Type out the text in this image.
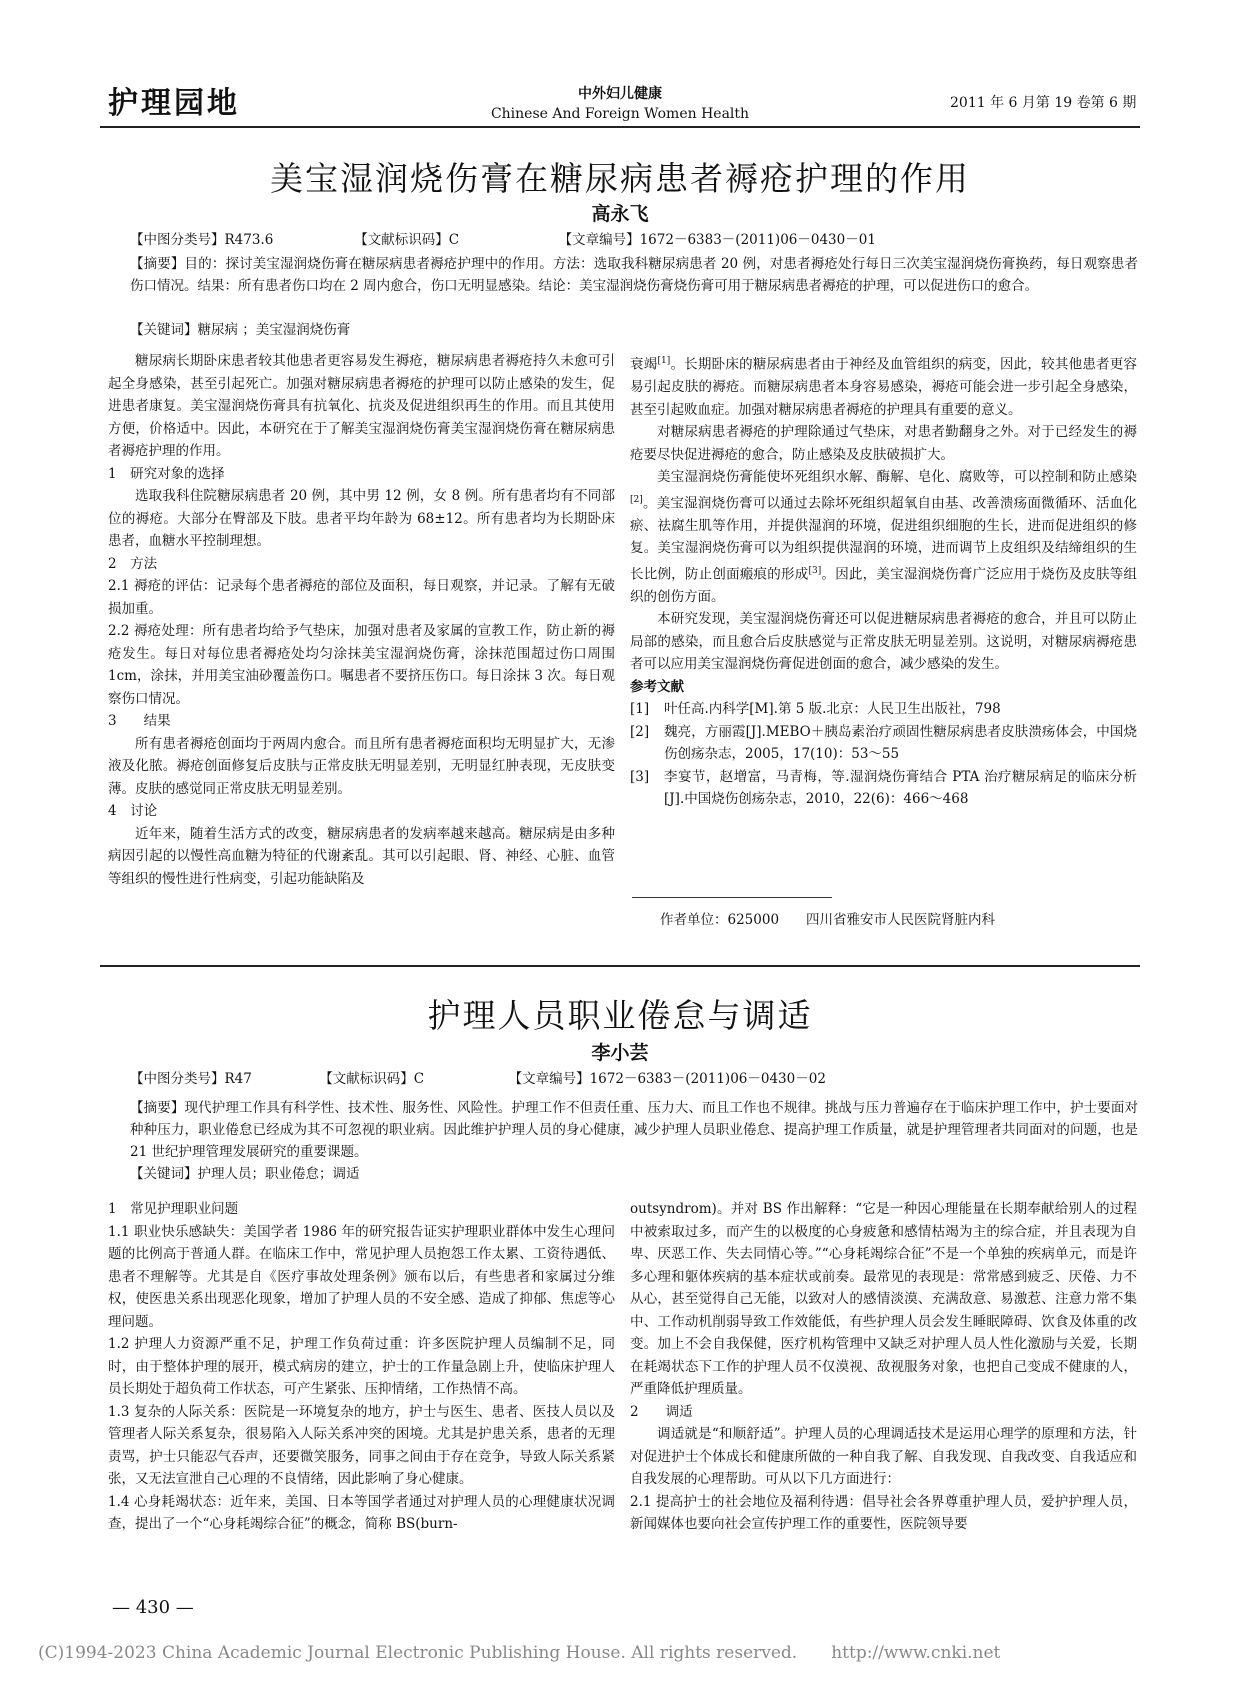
护理园地	中外妇儿健康
Chinese And Foreign Women Health
2011 年 6 月第 19 卷第 6 期
美宝湿润烧伤膏在糖尿病患者褥疮护理的作用
高永飞
【中图分类号】R473.6	【文献标识码】C	【文章编号】1672－6383－(2011)06－0430－01
【摘要】目的：探讨美宝湿润烧伤膏在糖尿病患者褥疮护理中的作用。方法：选取我科糖尿病患者 20 例，对患者褥疮处行每日三次美宝湿润烧伤膏换药，每日观察患者伤口情况。结果：所有患者伤口均在 2 周内愈合，伤口无明显感染。结论：美宝湿润烧伤膏烧伤膏可用于糖尿病患者褥疮的护理，可以促进伤口的愈合。
【关键词】糖尿病 ；美宝湿润烧伤膏

糖尿病长期卧床患者较其他患者更容易发生褥疮，糖尿病患者褥疮持久未愈可引起全身感染，甚至引起死亡。加强对糖尿病患者褥疮的护理可以防止感染的发生，促进患者康复。美宝湿润烧伤膏具有抗氧化、抗炎及促进组织再生的作用。而且其使用方便，价格适中。因此，本研究在于了解美宝湿润烧伤膏美宝湿润烧伤膏在糖尿病患者褥疮护理的作用。

1　研究对象的选择

选取我科住院糖尿病患者 20 例，其中男 12 例，女 8 例。所有患者均有不同部位的褥疮。大部分在臀部及下肢。患者平均年龄为 68±12。所有患者均为长期卧床患者，血糖水平控制理想。

2　方法

2.1 褥疮的评估：记录每个患者褥疮的部位及面积，每日观察，并记录。了解有无破损加重。

2.2 褥疮处理：所有患者均给予气垫床，加强对患者及家属的宣教工作，防止新的褥疮发生。每日对每位患者褥疮处均匀涂抹美宝湿润烧伤膏，涂抹范围超过伤口周围 1cm，涂抹，并用美宝油砂覆盖伤口。嘱患者不要挤压伤口。每日涂抹 3 次。每日观察伤口情况。

3　　结果

所有患者褥疮创面均于两周内愈合。而且所有患者褥疮面积均无明显扩大，无渗液及化脓。褥疮创面修复后皮肤与正常皮肤无明显差别，无明显红肿表现，无皮肤变薄。皮肤的感觉同正常皮肤无明显差别。

4　讨论

近年来，随着生活方式的改变，糖尿病患者的发病率越来越高。糖尿病是由多种病因引起的以慢性高血糖为特征的代谢紊乱。其可以引起眼、肾、神经、心脏、血管等组织的慢性进行性病变，引起功能缺陷及

衰竭[1]。长期卧床的糖尿病患者由于神经及血管组织的病变，因此，较其他患者更容易引起皮肤的褥疮。而糖尿病患者本身容易感染，褥疮可能会进一步引起全身感染，甚至引起败血症。加强对糖尿病患者褥疮的护理具有重要的意义。

对糖尿病患者褥疮的护理除通过气垫床，对患者勤翻身之外。对于已经发生的褥疮要尽快促进褥疮的愈合，防止感染及皮肤破损扩大。

美宝湿润烧伤膏能使坏死组织水解、酶解、皂化、腐败等，可以控制和防止感染[2]。美宝湿润烧伤膏可以通过去除坏死组织超氧自由基、改善溃疡面微循环、活血化瘀、祛腐生肌等作用，并提供湿润的环境，促进组织细胞的生长，进而促进组织的修复。美宝湿润烧伤膏可以为组织提供湿润的环境，进而调节上皮组织及结缔组织的生长比例，防止创面瘢痕的形成[3]。因此，美宝湿润烧伤膏广泛应用于烧伤及皮肤等组织的创伤方面。

本研究发现，美宝湿润烧伤膏还可以促进糖尿病患者褥疮的愈合，并且可以防止局部的感染，而且愈合后皮肤感觉与正常皮肤无明显差别。这说明，对糖尿病褥疮患者可以应用美宝湿润烧伤膏促进创面的愈合，减少感染的发生。

参考文献

[1]	叶任高.内科学[M].第 5 版.北京：人民卫生出版社，798
[2]	魏亮，方丽霞[J].MEBO＋胰岛素治疗顽固性糖尿病患者皮肤溃疡体会，中国烧伤创疡杂志，2005，17(10)：53～55
[3]	李宴节，赵增富，马青梅，等.湿润烧伤膏结合 PTA 治疗糖尿病足的临床分析[J].中国烧伤创疡杂志，2010，22(6)：466～468
作者单位：625000　　四川省雅安市人民医院肾脏内科
护理人员职业倦怠与调适
李小芸
【中图分类号】R47	【文献标识码】C	【文章编号】1672－6383－(2011)06－0430－02
【摘要】现代护理工作具有科学性、技术性、服务性、风险性。护理工作不但责任重、压力大、而且工作也不规律。挑战与压力普遍存在于临床护理工作中，护士要面对种种压力，职业倦怠已经成为其不可忽视的职业病。因此维护护理人员的身心健康，减少护理人员职业倦怠、提高护理工作质量，就是护理管理者共同面对的问题，也是 21 世纪护理管理发展研究的重要课题。
【关键词】护理人员；职业倦怠；调适

1　常见护理职业问题

1.1 职业快乐感缺失：美国学者 1986 年的研究报告证实护理职业群体中发生心理问题的比例高于普通人群。在临床工作中，常见护理人员抱怨工作太累、工资待遇低、患者不理解等。尤其是自《医疗事故处理条例》颁布以后，有些患者和家属过分维权，使医患关系出现恶化现象，增加了护理人员的不安全感、造成了抑郁、焦虑等心理问题。

1.2 护理人力资源严重不足，护理工作负荷过重：许多医院护理人员编制不足，同时，由于整体护理的展开，模式病房的建立，护士的工作量急剧上升，使临床护理人员长期处于超负荷工作状态，可产生紧张、压抑情绪，工作热情不高。

1.3 复杂的人际关系：医院是一环境复杂的地方，护士与医生、患者、医技人员以及管理者人际关系复杂，很易陷入人际关系冲突的困境。尤其是护患关系，患者的无理责骂，护士只能忍气吞声，还要微笑服务，同事之间由于存在竞争，导致人际关系紧张，又无法宣泄自己心理的不良情绪，因此影响了身心健康。

1.4 心身耗竭状态：近年来，美国、日本等国学者通过对护理人员的心理健康状况调查，提出了一个“心身耗竭综合征”的概念，简称 BS(burn-

outsyndrom)。并对 BS 作出解释：“它是一种因心理能量在长期奉献给别人的过程中被索取过多，而产生的以极度的心身疲惫和感情枯竭为主的综合症，并且表现为自卑、厌恶工作、失去同情心等。”“心身耗竭综合征”不是一个单独的疾病单元，而是许多心理和躯体疾病的基本症状或前奏。最常见的表现是：常常感到疲乏、厌倦、力不从心，甚至觉得自己无能，以致对人的感情淡漠、充满敌意、易激惹、注意力常不集中、工作动机削弱导致工作效能低，有些护理人员会发生睡眠障碍、饮食及体重的改变。加上不会自我保健，医疗机构管理中又缺乏对护理人员人性化激励与关爱，长期在耗竭状态下工作的护理人员不仅漠视、敌视服务对象，也把自己变成不健康的人，严重降低护理质量。

2　　调适

调适就是“和顺舒适”。护理人员的心理调适技术是运用心理学的原理和方法，针对促进护士个体成长和健康所做的一种自我了解、自我发现、自我改变、自我适应和自我发展的心理帮助。可从以下几方面进行：

2.1 提高护士的社会地位及福利待遇：倡导社会各界尊重护理人员，爱护护理人员，新闻媒体也要向社会宣传护理工作的重要性，医院领导要

— 430 —
(C)1994-2023 China Academic Journal Electronic Publishing House. All rights reserved.　　http://www.cnki.net
